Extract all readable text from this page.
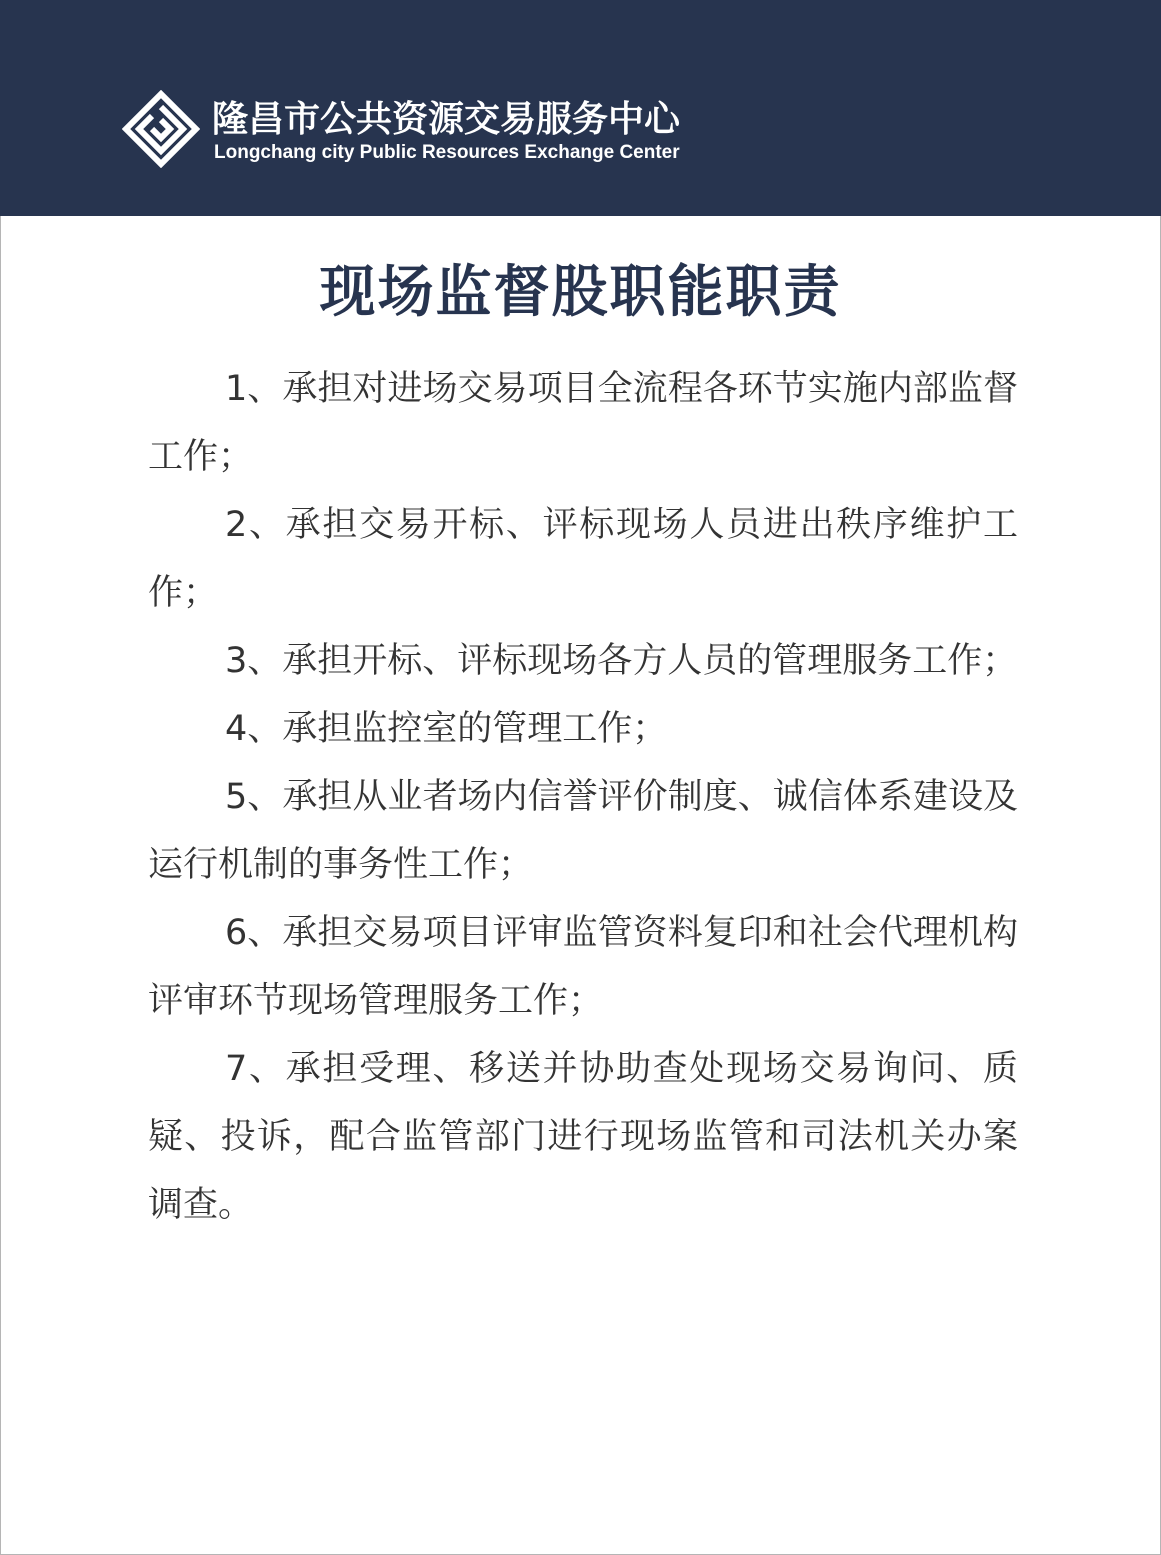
隆昌市公共资源交易服务中心
Longchang city Public Resources Exchange Center
现场监督股职能职责

1、承担对进场交易项目全流程各环节实施内部监督工作；

2、承担交易开标、评标现场人员进出秩序维护工作；

3、承担开标、评标现场各方人员的管理服务工作；

4、承担监控室的管理工作；

5、承担从业者场内信誉评价制度、诚信体系建设及运行机制的事务性工作；

6、承担交易项目评审监管资料复印和社会代理机构评审环节现场管理服务工作；

7、承担受理、移送并协助查处现场交易询问、质疑、投诉，配合监管部门进行现场监管和司法机关办案调查。
